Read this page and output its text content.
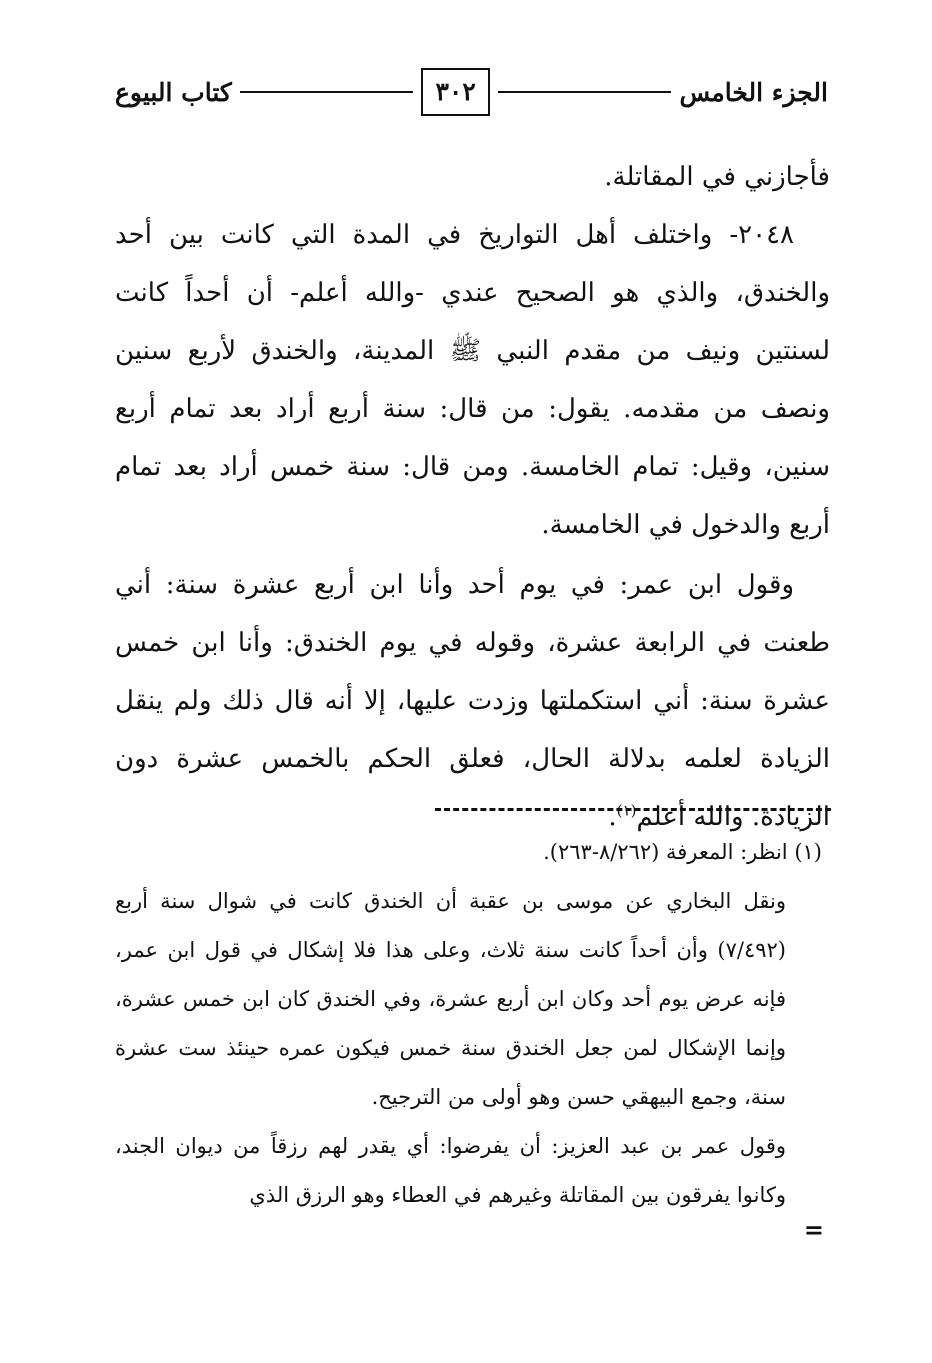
الجزء الخامس
٣٠٢
كتاب البيوع

فأجازني في المقاتلة.

٢٠٤٨- واختلف أهل التواريخ في المدة التي كانت بين أحد والخندق، والذي هو الصحيح عندي -والله أعلم- أن أحداً كانت لسنتين ونيف من مقدم النبي ﷺ المدينة، والخندق لأربع سنين ونصف من مقدمه. يقول: من قال: سنة أربع أراد بعد تمام أربع سنين، وقيل: تمام الخامسة. ومن قال: سنة خمس أراد بعد تمام أربع والدخول في الخامسة.

وقول ابن عمر: في يوم أحد وأنا ابن أربع عشرة سنة: أني طعنت في الرابعة عشرة، وقوله في يوم الخندق: وأنا ابن خمس عشرة سنة: أني استكملتها وزدت عليها، إلا أنه قال ذلك ولم ينقل الزيادة لعلمه بدلالة الحال، فعلق الحكم بالخمس عشرة دون الزيادة. والله أعلم$^{(١)}$.

(١) انظر: المعرفة (٨/٢٦٢-٢٦٣).

ونقل البخاري عن موسى بن عقبة أن الخندق كانت في شوال سنة أربع (٧/٤٩٢) وأن أحداً كانت سنة ثلاث، وعلى هذا فلا إشكال في قول ابن عمر، فإنه عرض يوم أحد وكان ابن أربع عشرة، وفي الخندق كان ابن خمس عشرة، وإنما الإشكال لمن جعل الخندق سنة خمس فيكون عمره حينئذ ست عشرة سنة، وجمع البيهقي حسن وهو أولى من الترجيح.

وقول عمر بن عبد العزيز: أن يفرضوا: أي يقدر لهم رزقاً من ديوان الجند، وكانوا يفرقون بين المقاتلة وغيرهم في العطاء وهو الرزق الذي

=
